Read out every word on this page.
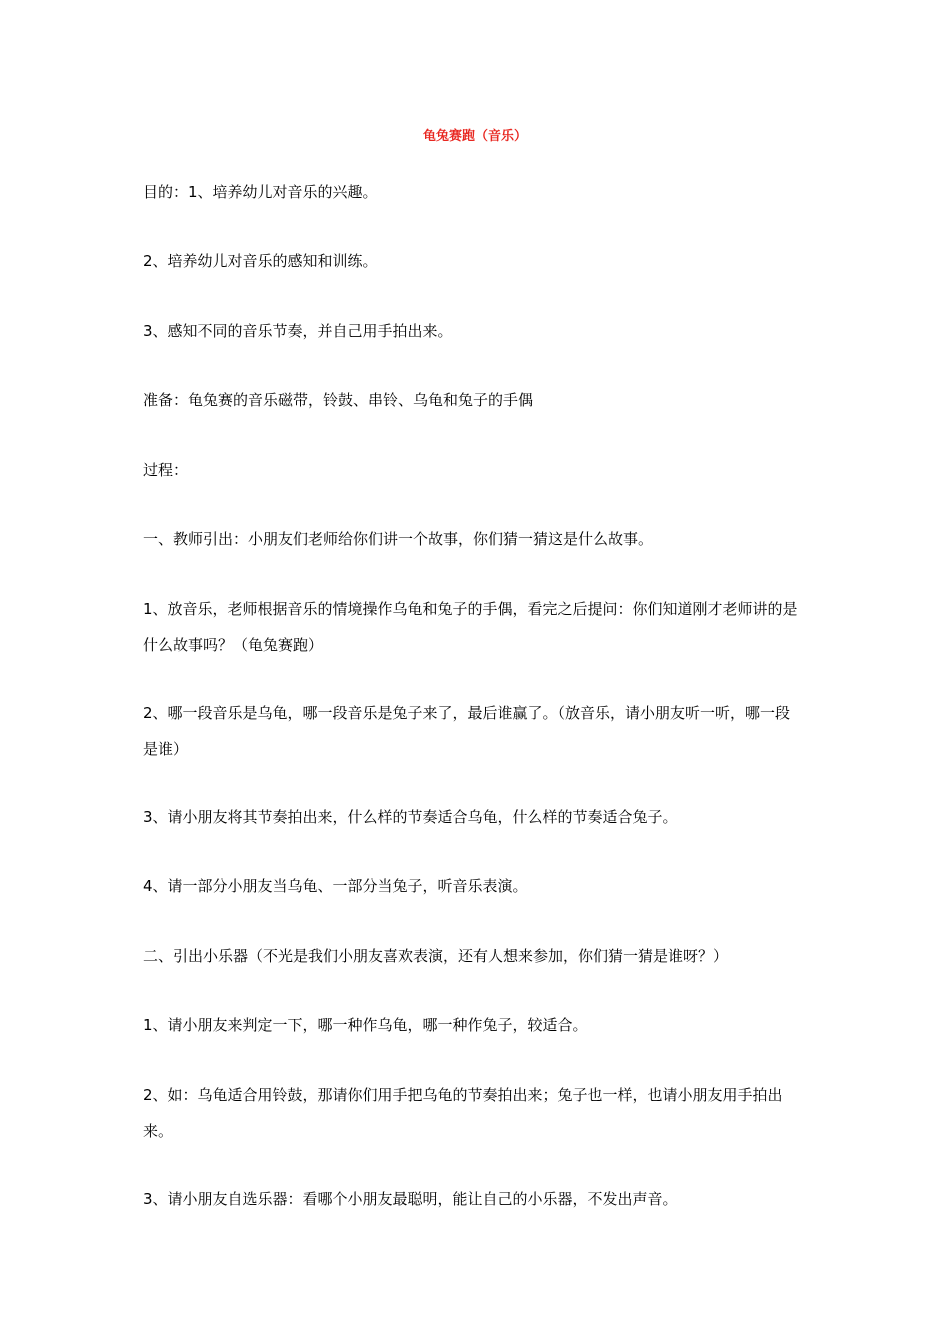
龟兔赛跑（音乐）

目的：1、培养幼儿对音乐的兴趣。

2、培养幼儿对音乐的感知和训练。

3、感知不同的音乐节奏，并自己用手拍出来。

准备：龟兔赛的音乐磁带，铃鼓、串铃、乌龟和兔子的手偶

过程：

一、教师引出：小朋友们老师给你们讲一个故事，你们猜一猜这是什么故事。

1、放音乐，老师根据音乐的情境操作乌龟和兔子的手偶，看完之后提问：你们知道刚才老师讲的是什么故事吗？（龟兔赛跑）

2、哪一段音乐是乌龟，哪一段音乐是兔子来了，最后谁赢了。（放音乐，请小朋友听一听，哪一段是谁）

3、请小朋友将其节奏拍出来，什么样的节奏适合乌龟，什么样的节奏适合兔子。

4、请一部分小朋友当乌龟、一部分当兔子，听音乐表演。

二、引出小乐器（不光是我们小朋友喜欢表演，还有人想来参加，你们猜一猜是谁呀？）

1、请小朋友来判定一下，哪一种作乌龟，哪一种作兔子，较适合。

2、如：乌龟适合用铃鼓，那请你们用手把乌龟的节奏拍出来；兔子也一样，也请小朋友用手拍出来。

3、请小朋友自选乐器：看哪个小朋友最聪明，能让自己的小乐器，不发出声音。
